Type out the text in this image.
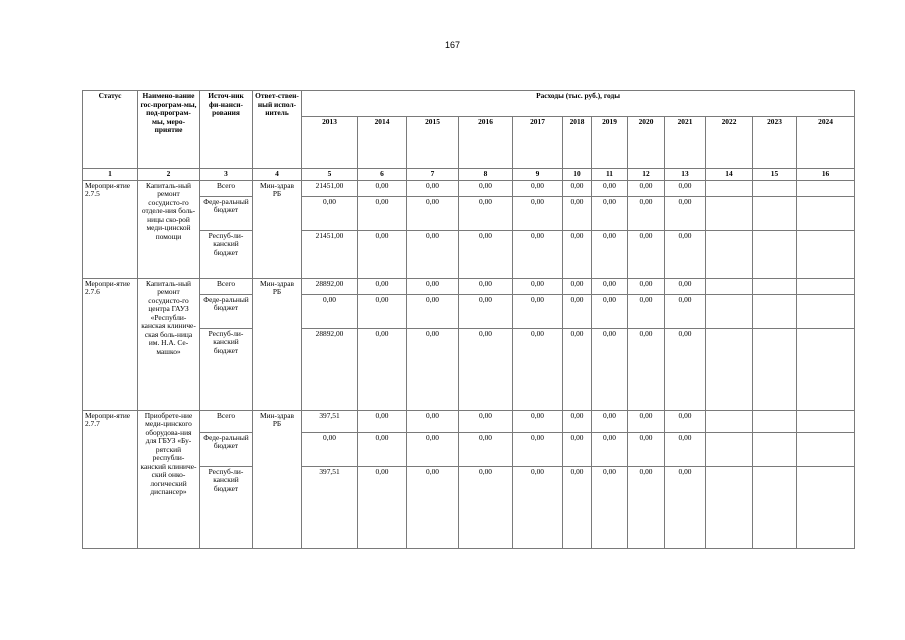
167
Статус	Наимено-вание гос-програм-мы, под-програм-мы, меро-приятие	Источ-ник фи-нанси-рования	Ответ-ствен-ный испол-нитель	Расходы (тыс. руб.), годы											
				2013	2014	2015	2016	2017	2018	2019	2020	2021	2022	2023	2024
1	2	3	4	5	6	7	8	9	10	11	12	13	14	15	16
Меропри-ятие 2.7.5	Капиталь-ный ремонт сосудисто-го отделе-ния боль-ницы ско-рой меди-цинской помощи	Всего	Мин-здрав РБ	21451,00	0,00	0,00	0,00	0,00	0,00	0,00	0,00	0,00			
		Феде-ральный бюджет		0,00	0,00	0,00	0,00	0,00	0,00	0,00	0,00	0,00			
		Респуб-ли-канский бюджет		21451,00	0,00	0,00	0,00	0,00	0,00	0,00	0,00	0,00			
Меропри-ятие 2.7.6	Капиталь-ный ремонт сосудисто-го центра ГАУЗ «Республи-канская клиниче-ская боль-ница им. Н.А. Се-машко»	Всего	Мин-здрав РБ	28892,00	0,00	0,00	0,00	0,00	0,00	0,00	0,00	0,00			
		Феде-ральный бюджет		0,00	0,00	0,00	0,00	0,00	0,00	0,00	0,00	0,00			
		Респуб-ли-канский бюджет		28892,00	0,00	0,00	0,00	0,00	0,00	0,00	0,00	0,00			
Меропри-ятие 2.7.7	Приобрете-ние меди-цинского оборудова-ния для ГБУЗ «Бу-рятский республи-канский клиниче-ский онко-логический диспансер»	Всего	Мин-здрав РБ	397,51	0,00	0,00	0,00	0,00	0,00	0,00	0,00	0,00			
		Феде-ральный бюджет		0,00	0,00	0,00	0,00	0,00	0,00	0,00	0,00	0,00			
		Респуб-ли-канский бюджет		397,51	0,00	0,00	0,00	0,00	0,00	0,00	0,00	0,00			
